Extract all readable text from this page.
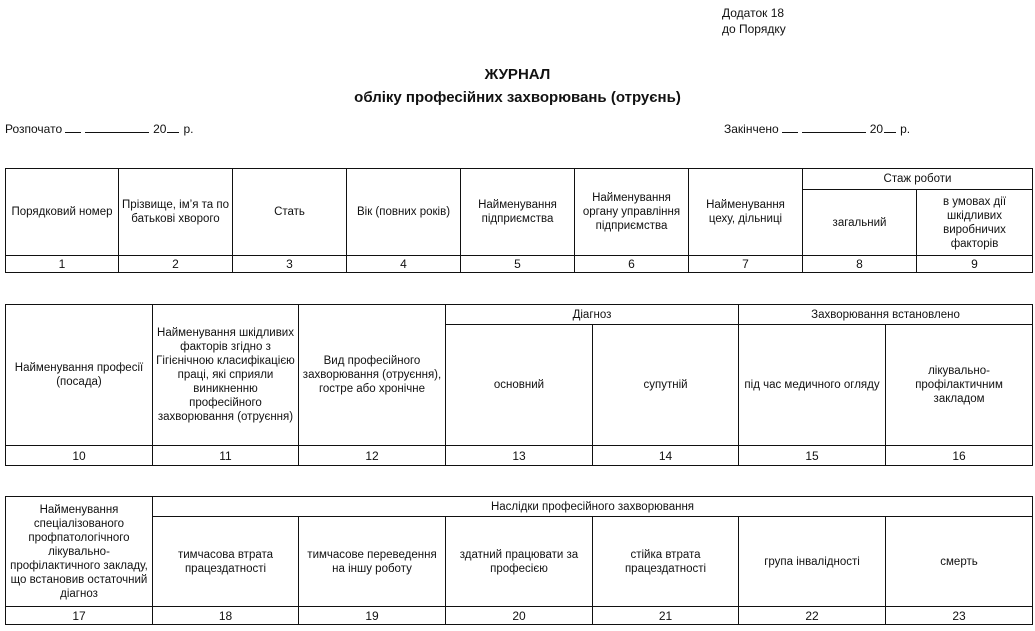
Додаток 18
до Порядку
ЖУРНАЛ
обліку професійних захворювань (отруєнь)
Розпочато	20 р.	Закінчено	20 р.
Порядковий номер	Прізвище, ім’я та по батькові хворого	Стать	Вік (повних років)	Найменування підприємства	Найменування органу управління підприємства	Найменування цеху, дільниці	Стаж роботи	
							загальний	в умовах дії шкідливих виробничих факторів
1	2	3	4	5	6	7	8	9
Найменування професії (посада)	Найменування шкідливих факторів згідно з Гігієнічною класифікацією праці, які сприяли виникненню професійного захворювання (отруєння)	Вид професійного захворювання (отруєння), гостре або хронічне	Діагноз		Захворювання встановлено	
			основний	супутній	під час медичного огляду	лікувально-профілактичним закладом
10	11	12	13	14	15	16
Найменування спеціалізованого профпатологічного лікувально-профілактичного закладу, що встановив остаточний діагноз	Наслідки професійного захворювання					
	тимчасова втрата працездатності	тимчасове переведення на іншу роботу	здатний працювати за професією	стійка втрата працездатності	група інвалідності	смерть
17	18	19	20	21	22	23
